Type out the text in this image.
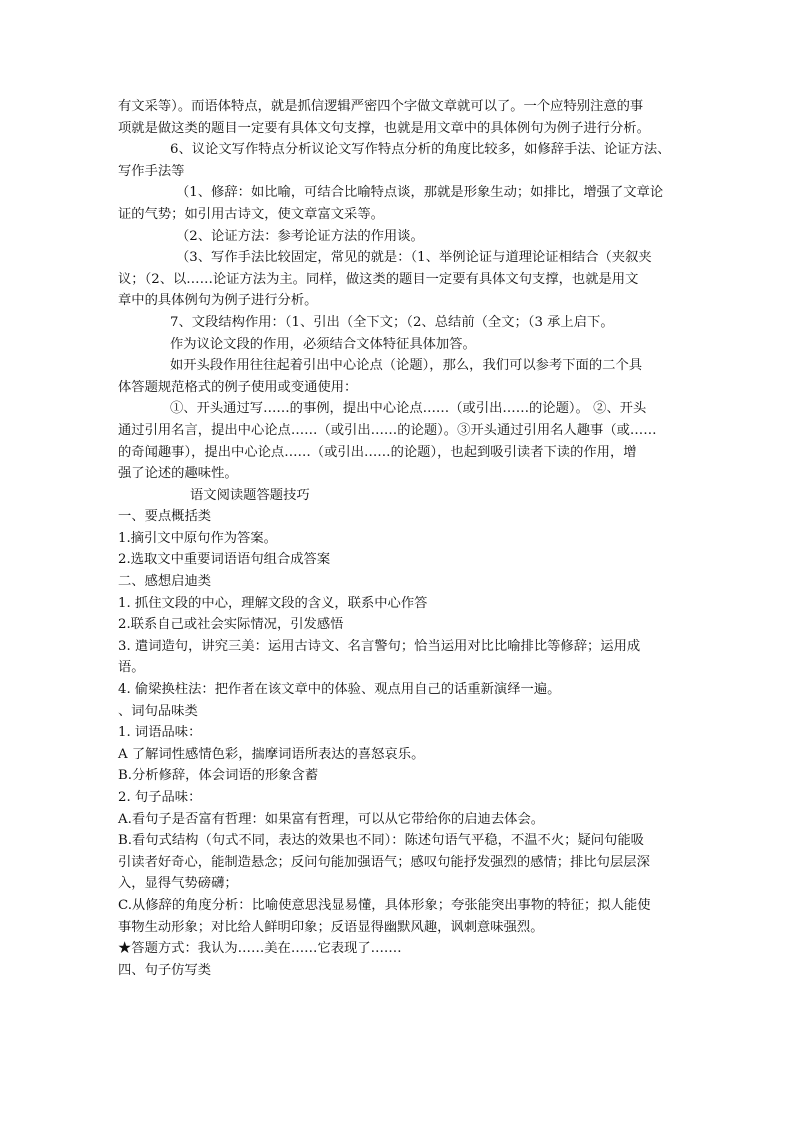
有文采等）。而语体特点，就是抓信逻辑严密四个字做文章就可以了。一个应特别注意的事
项就是做这类的题目一定要有具体文句支撑，也就是用文章中的具体例句为例子进行分析。
6、议论文写作特点分析议论文写作特点分析的角度比较多，如修辞手法、论证方法、
写作手法等
（1、修辞：如比喻，可结合比喻特点谈，那就是形象生动；如排比，增强了文章论
证的气势；如引用古诗文，使文章富文采等。
（2、论证方法：参考论证方法的作用谈。
（3、写作手法比较固定，常见的就是：（1、举例论证与道理论证相结合（夹叙夹
议；（2、以……论证方法为主。同样，做这类的题目一定要有具体文句支撑，也就是用文
章中的具体例句为例子进行分析。
7、文段结构作用：（1、引出（全下文；（2、总结前（全文；（3 承上启下。
作为议论文段的作用，必须结合文体特征具体加答。
如开头段作用往往起着引出中心论点（论题），那么，我们可以参考下面的二个具
体答题规范格式的例子使用或变通使用：
①、开头通过写……的事例，提出中心论点……（或引出……的论题）。 ②、开头
通过引用名言，提出中心论点……（或引出……的论题）。③开头通过引用名人趣事（或……
的奇闻趣事），提出中心论点……（或引出……的论题），也起到吸引读者下读的作用，增
强了论述的趣味性。
语文阅读题答题技巧
一、要点概括类
1.摘引文中原句作为答案。
2.选取文中重要词语语句组合成答案
二、感想启迪类
1. 抓住文段的中心，理解文段的含义，联系中心作答
2.联系自己或社会实际情况，引发感悟
3. 遣词造句，讲究三美：运用古诗文、名言警句；恰当运用对比比喻排比等修辞；运用成
语。
4. 偷梁换柱法：把作者在该文章中的体验、观点用自己的话重新演绎一遍。
、词句品味类
1. 词语品味：
A 了解词性感情色彩，揣摩词语所表达的喜怒哀乐。
B.分析修辞，体会词语的形象含蓄
2. 句子品味：
A.看句子是否富有哲理：如果富有哲理，可以从它带给你的启迪去体会。
B.看句式结构（句式不同，表达的效果也不同）：陈述句语气平稳，不温不火；疑问句能吸
引读者好奇心，能制造悬念；反问句能加强语气；感叹句能抒发强烈的感情；排比句层层深
入，显得气势磅礴；
C.从修辞的角度分析：比喻使意思浅显易懂，具体形象；夸张能突出事物的特征；拟人能使
事物生动形象；对比给人鲜明印象；反语显得幽默风趣，讽刺意味强烈。
★答题方式：我认为……美在……它表现了…….
四、句子仿写类
